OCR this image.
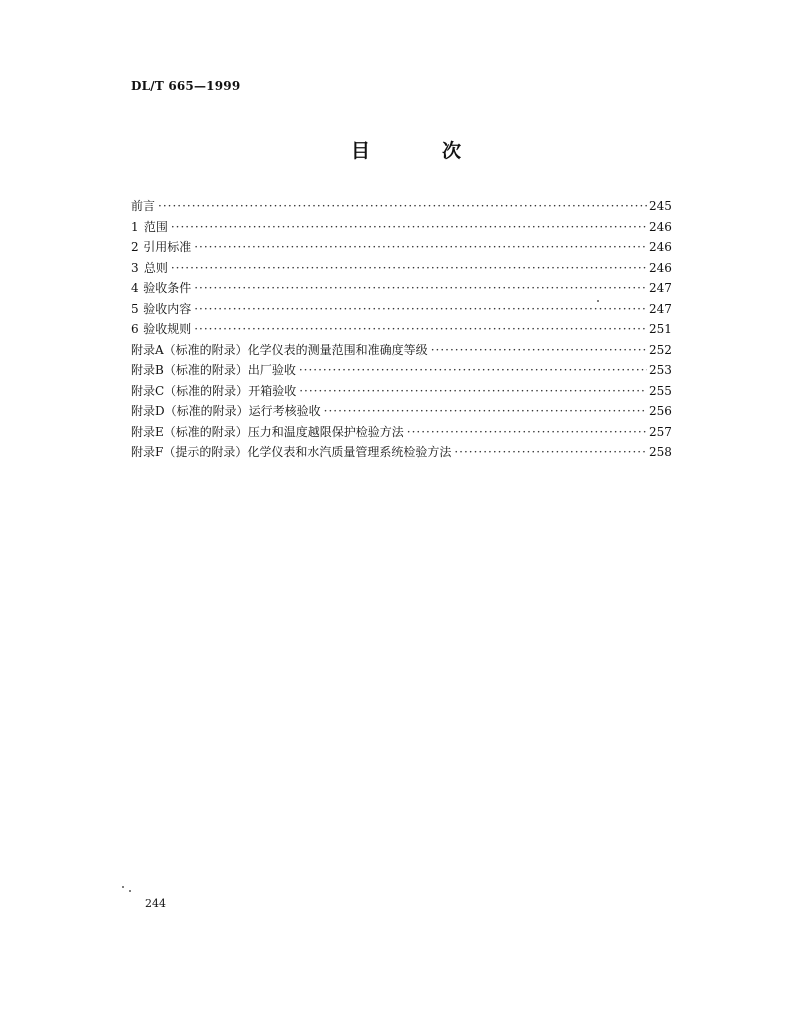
DL/T 665—1999
目	次
前言 ·····	245
1 范围 ·····	246
2 引用标准 ·····	246
3 总则 ·····	246
4 验收条件 ·····	247
5 验收内容 ·····	247
6 验收规则 ·····	251
附录A（标准的附录） 化学仪表的测量范围和准确度等级 ·····	252
附录B（标准的附录） 出厂验收 ·····	253
附录C（标准的附录） 开箱验收 ·····	255
附录D（标准的附录） 运行考核验收 ·····	256
附录E（标准的附录） 压力和温度越限保护检验方法 ·····	257
附录F（提示的附录） 化学仪表和水汽质量管理系统检验方法 ·····	258
244
